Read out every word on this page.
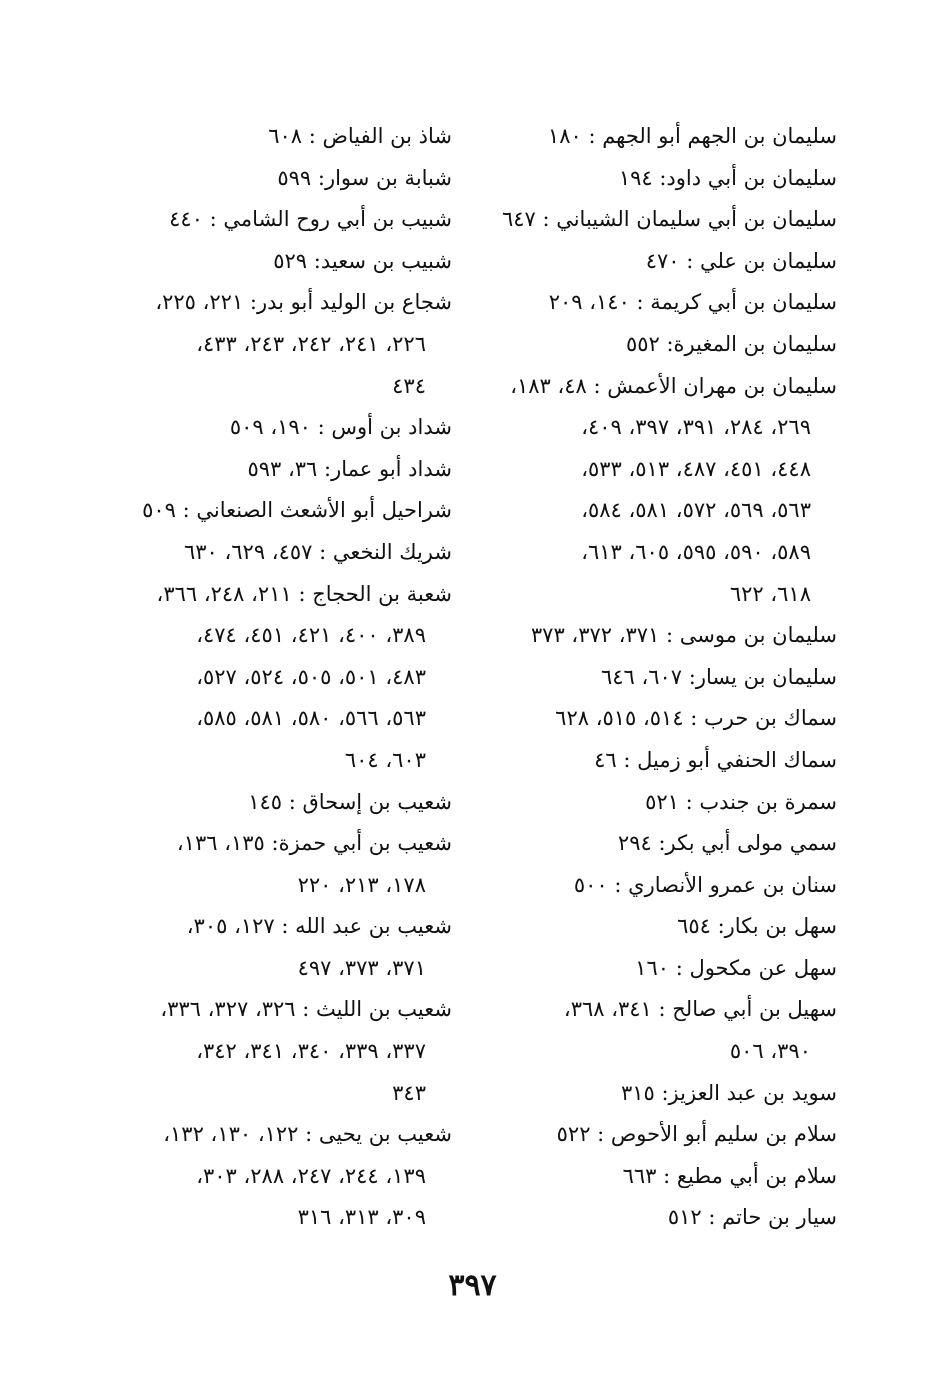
سليمان بن الجهم أبو الجهم : ١٨٠
سليمان بن أبي داود: ١٩٤
سليمان بن أبي سليمان الشيباني : ٦٤٧
سليمان بن علي : ٤٧٠
سليمان بن أبي كريمة : ١٤٠، ٢٠٩
سليمان بن المغيرة: ٥٥٢
سليمان بن مهران الأعمش : ٤٨، ١٨٣،
٢٦٩، ٢٨٤، ٣٩١، ٣٩٧، ٤٠٩،
٤٤٨، ٤٥١، ٤٨٧، ٥١٣، ٥٣٣،
٥٦٣، ٥٦٩، ٥٧٢، ٥٨١، ٥٨٤،
٥٨٩، ٥٩٠، ٥٩٥، ٦٠٥، ٦١٣،
٦١٨، ٦٢٢
سليمان بن موسى : ٣٧١، ٣٧٢، ٣٧٣
سليمان بن يسار: ٦٠٧، ٦٤٦
سماك بن حرب : ٥١٤، ٥١٥، ٦٢٨
سماك الحنفي أبو زميل : ٤٦
سمرة بن جندب : ٥٢١
سمي مولى أبي بكر: ٢٩٤
سنان بن عمرو الأنصاري : ٥٠٠
سهل بن بكار: ٦٥٤
سهل عن مكحول : ١٦٠
سهيل بن أبي صالح : ٣٤١، ٣٦٨،
٣٩٠، ٥٠٦
سويد بن عبد العزيز: ٣١٥
سلام بن سليم أبو الأحوص : ٥٢٢
سلام بن أبي مطيع : ٦٦٣
سيار بن حاتم : ٥١٢
شاذ بن الفياض : ٦٠٨
شبابة بن سوار: ٥٩٩
شبيب بن أبي روح الشامي : ٤٤٠
شبيب بن سعيد: ٥٢٩
شجاع بن الوليد أبو بدر: ٢٢١، ٢٢٥،
٢٢٦، ٢٤١، ٢٤٢، ٢٤٣، ٤٣٣،
٤٣٤
شداد بن أوس : ١٩٠، ٥٠٩
شداد أبو عمار: ٣٦، ٥٩٣
شراحيل أبو الأشعث الصنعاني : ٥٠٩
شريك النخعي : ٤٥٧، ٦٢٩، ٦٣٠
شعبة بن الحجاج : ٢١١، ٢٤٨، ٣٦٦،
٣٨٩، ٤٠٠، ٤٢١، ٤٥١، ٤٧٤،
٤٨٣، ٥٠١، ٥٠٥، ٥٢٤، ٥٢٧،
٥٦٣، ٥٦٦، ٥٨٠، ٥٨١، ٥٨٥،
٦٠٣، ٦٠٤
شعيب بن إسحاق : ١٤٥
شعيب بن أبي حمزة: ١٣٥، ١٣٦،
١٧٨، ٢١٣، ٢٢٠
شعيب بن عبد الله : ١٢٧، ٣٠٥،
٣٧١، ٣٧٣، ٤٩٧
شعيب بن الليث : ٣٢٦، ٣٢٧، ٣٣٦،
٣٣٧، ٣٣٩، ٣٤٠، ٣٤١، ٣٤٢،
٣٤٣
شعيب بن يحيى : ١٢٢، ١٣٠، ١٣٢،
١٣٩، ٢٤٤، ٢٤٧، ٢٨٨، ٣٠٣،
٣٠٩، ٣١٣، ٣١٦
٣٩٧
